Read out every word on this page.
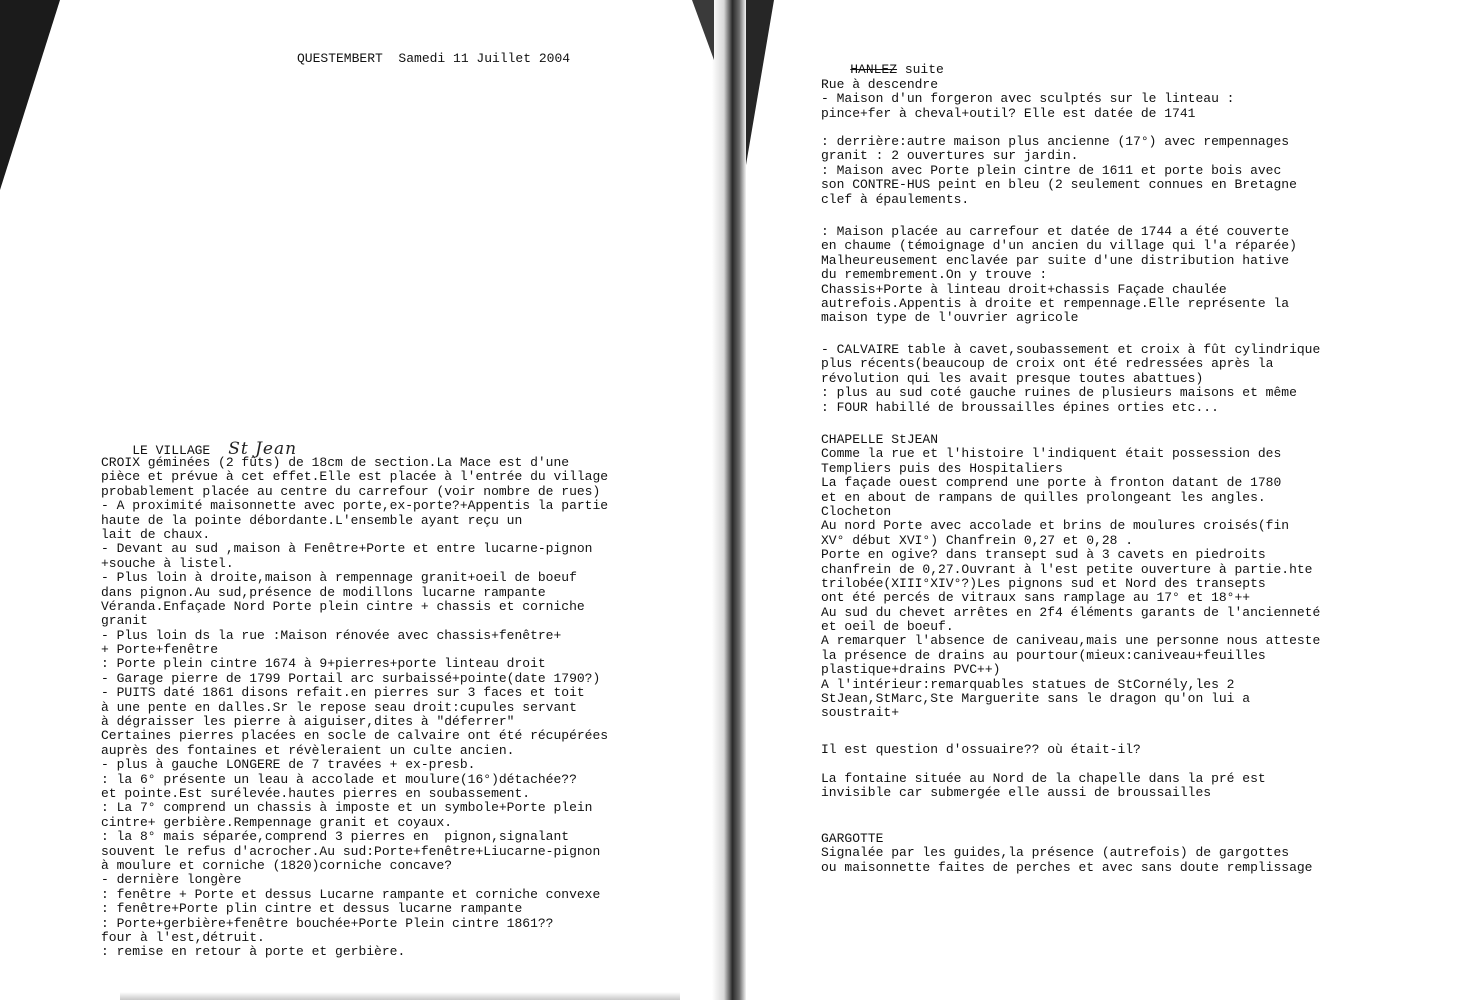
QUESTEMBERT  Samedi 11 Juillet 2004

LE VILLAGE St Jean

CROIX géminées (2 fûts) de 18cm de section.La Mace est d'une
pièce et prévue à cet effet.Elle est placée à l'entrée du village
probablement placée au centre du carrefour (voir nombre de rues)
- A proximité maisonnette avec porte,ex-porte?+Appentis la partie
haute de la pointe débordante.L'ensemble ayant reçu un
lait de chaux.
- Devant au sud ,maison à Fenêtre+Porte et entre lucarne-pignon
+souche à listel.
- Plus loin à droite,maison à rempennage granit+oeil de boeuf
dans pignon.Au sud,présence de modillons lucarne rampante
Véranda.Enfaçade Nord Porte plein cintre + chassis et corniche
granit
- Plus loin ds la rue :Maison rénovée avec chassis+fenêtre+
+ Porte+fenêtre
: Porte plein cintre 1674 à 9+pierres+porte linteau droit
- Garage pierre de 1799 Portail arc surbaissé+pointe(date 1790?)
- PUITS daté 1861 disons refait.en pierres sur 3 faces et toit
à une pente en dalles.Sr le repose seau droit:cupules servant
à dégraisser les pierre à aiguiser,dites à "déferrer"
Certaines pierres placées en socle de calvaire ont été récupérées
auprès des fontaines et révèleraient un culte ancien.
- plus à gauche LONGERE de 7 travées + ex-presb.
: la 6° présente un leau à accolade et moulure(16°)détachée??
et pointe.Est surélevée.hautes pierres en soubassement.
: La 7° comprend un chassis à imposte et un symbole+Porte plein
cintre+ gerbière.Rempennage granit et coyaux.
: la 8° mais séparée,comprend 3 pierres en  pignon,signalant
souvent le refus d'acrocher.Au sud:Porte+fenêtre+Liucarne-pignon
à moulure et corniche (1820)corniche concave?
- dernière longère
: fenêtre + Porte et dessus Lucarne rampante et corniche convexe
: fenêtre+Porte plin cintre et dessus lucarne rampante
: Porte+gerbière+fenêtre bouchée+Porte Plein cintre 1861??
four à l'est,détruit.
: remise en retour à porte et gerbière.

HANLEZ suite

Rue à descendre
- Maison d'un forgeron avec sculptés sur le linteau :
pince+fer à cheval+outil? Elle est datée de 1741
: derrière:autre maison plus ancienne (17°) avec rempennages
granit : 2 ouvertures sur jardin.
: Maison avec Porte plein cintre de 1611 et porte bois avec
son CONTRE-HUS peint en bleu (2 seulement connues en Bretagne
clef à épaulements.
: Maison placée au carrefour et datée de 1744 a été couverte
en chaume (témoignage d'un ancien du village qui l'a réparée)
Malheureusement enclavée par suite d'une distribution hative
du remembrement.On y trouve :
Chassis+Porte à linteau droit+chassis Façade chaulée
autrefois.Appentis à droite et rempennage.Elle représente la
maison type de l'ouvrier agricole
- CALVAIRE table à cavet,soubassement et croix à fût cylindrique
plus récents(beaucoup de croix ont été redressées après la
révolution qui les avait presque toutes abattues)
: plus au sud coté gauche ruines de plusieurs maisons et même
: FOUR habillé de broussailles épines orties etc...
CHAPELLE StJEAN
Comme la rue et l'histoire l'indiquent était possession des
Templiers puis des Hospitaliers
La façade ouest comprend une porte à fronton datant de 1780
et en about de rampans de quilles prolongeant les angles.
Clocheton
Au nord Porte avec accolade et brins de moulures croisés(fin
XV° début XVI°) Chanfrein 0,27 et 0,28 .
Porte en ogive? dans transept sud à 3 cavets en piedroits
chanfrein de 0,27.Ouvrant à l'est petite ouverture à partie.hte
trilobée(XIII°XIV°?)Les pignons sud et Nord des transepts
ont été percés de vitraux sans ramplage au 17° et 18°++
Au sud du chevet arrêtes en 2f4 éléments garants de l'ancienneté
et oeil de boeuf.
A remarquer l'absence de caniveau,mais une personne nous atteste
la présence de drains au pourtour(mieux:caniveau+feuilles
plastique+drains PVC++)
A l'intérieur:remarquables statues de StCornély,les 2
StJean,StMarc,Ste Marguerite sans le dragon qu'on lui a
soustrait+
Il est question d'ossuaire?? où était-il?
La fontaine située au Nord de la chapelle dans la pré est
invisible car submergée elle aussi de broussailles
GARGOTTE
Signalée par les guides,la présence (autrefois) de gargottes
ou maisonnette faites de perches et avec sans doute remplissage
